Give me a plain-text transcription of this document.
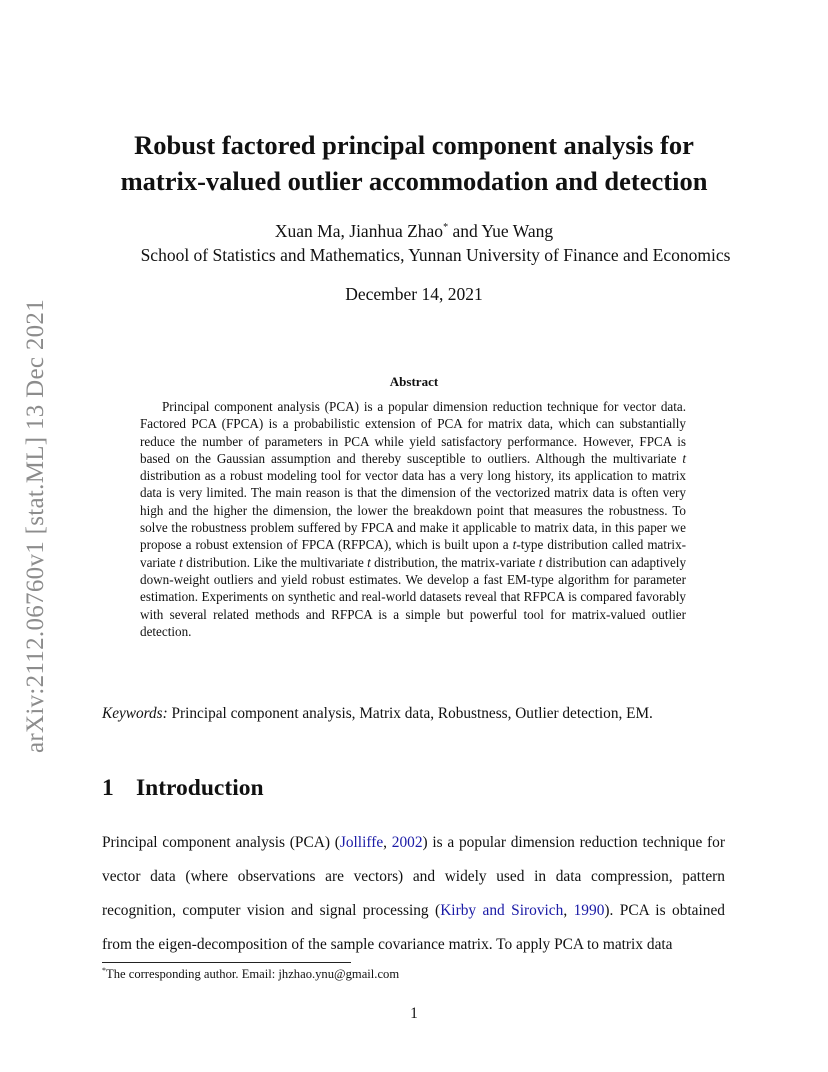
arXiv:2112.06760v1 [stat.ML] 13 Dec 2021
Robust factored principal component analysis for
matrix-valued outlier accommodation and detection
Xuan Ma, Jianhua Zhao* and Yue Wang
School of Statistics and Mathematics, Yunnan University of Finance and Economics
December 14, 2021
Abstract
Principal component analysis (PCA) is a popular dimension reduction technique for vector data. Factored PCA (FPCA) is a probabilistic extension of PCA for matrix data, which can substantially reduce the number of parameters in PCA while yield satisfactory performance. However, FPCA is based on the Gaussian assumption and thereby susceptible to outliers. Although the multivariate t distribution as a robust modeling tool for vector data has a very long history, its application to matrix data is very limited. The main reason is that the dimension of the vectorized matrix data is often very high and the higher the dimension, the lower the breakdown point that measures the robustness. To solve the robustness problem suffered by FPCA and make it applicable to matrix data, in this paper we propose a robust extension of FPCA (RFPCA), which is built upon a t-type distribution called matrix-variate t distribution. Like the multivariate t distribution, the matrix-variate t distribution can adaptively down-weight outliers and yield robust estimates. We develop a fast EM-type algorithm for parameter estimation. Experiments on synthetic and real-world datasets reveal that RFPCA is compared favorably with several related methods and RFPCA is a simple but powerful tool for matrix-valued outlier detection.
Keywords: Principal component analysis, Matrix data, Robustness, Outlier detection, EM.
1 Introduction
Principal component analysis (PCA) (Jolliffe, 2002) is a popular dimension reduction technique for vector data (where observations are vectors) and widely used in data compression, pattern recognition, computer vision and signal processing (Kirby and Sirovich, 1990). PCA is obtained from the eigen-decomposition of the sample covariance matrix. To apply PCA to matrix data
*The corresponding author. Email: jhzhao.ynu@gmail.com
1
